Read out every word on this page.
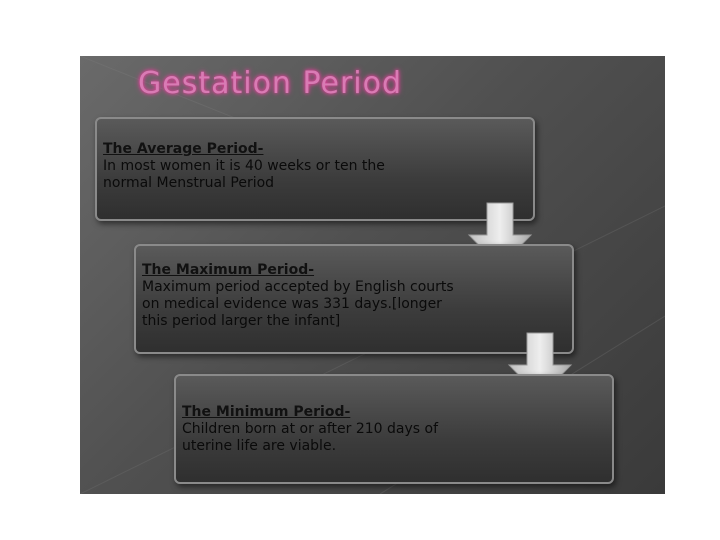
Gestation Period
The Average Period-
In most women it is 40 weeks or ten the normal Menstrual Period
The Maximum Period-
Maximum period accepted by English courts on medical evidence was 331 days.[longer this period larger the infant]
The Minimum Period-
Children born at or after 210 days of uterine life are viable.
